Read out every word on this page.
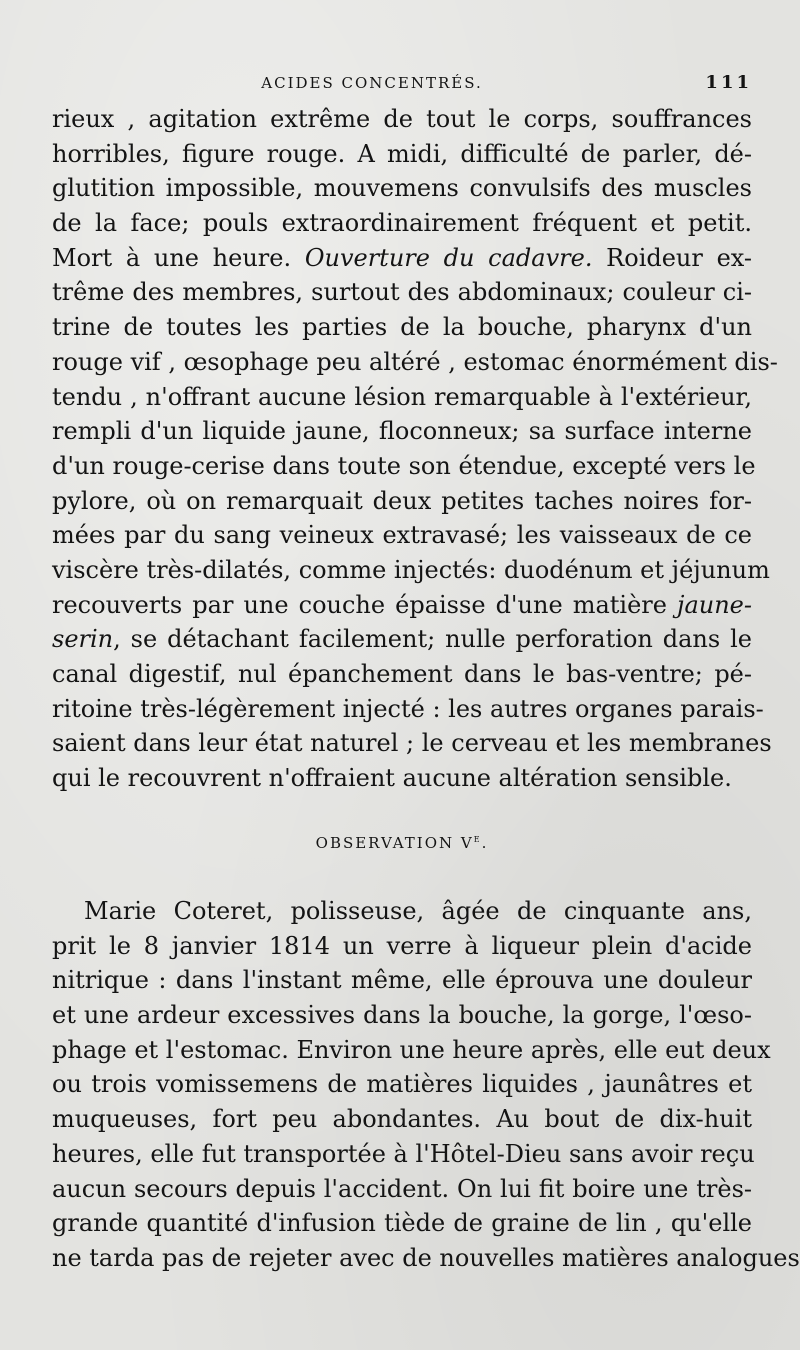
ACIDES CONCENTRÉS.	111
rieux , agitation extrême de tout le corps, souffrances
horribles, figure rouge. A midi, difficulté de parler, dé-
glutition impossible, mouvemens convulsifs des muscles
de la face; pouls extraordinairement fréquent et petit.
Mort à une heure. Ouverture du cadavre. Roideur ex-
trême des membres, surtout des abdominaux; couleur ci-
trine de toutes les parties de la bouche, pharynx d'un
rouge vif , œsophage peu altéré , estomac énormément dis-
tendu , n'offrant aucune lésion remarquable à l'extérieur,
rempli d'un liquide jaune, floconneux; sa surface interne
d'un rouge-cerise dans toute son étendue, excepté vers le
pylore, où on remarquait deux petites taches noires for-
mées par du sang veineux extravasé; les vaisseaux de ce
viscère très-dilatés, comme injectés: duodénum et jéjunum
recouverts par une couche épaisse d'une matière jaune-
serin, se détachant facilement; nulle perforation dans le
canal digestif, nul épanchement dans le bas-ventre; pé-
ritoine très-légèrement injecté : les autres organes parais-
saient dans leur état naturel ; le cerveau et les membranes
qui le recouvrent n'offraient aucune altération sensible.
OBSERVATION Ve.
Marie Coteret, polisseuse, âgée de cinquante ans,
prit le 8 janvier 1814 un verre à liqueur plein d'acide
nitrique : dans l'instant même, elle éprouva une douleur
et une ardeur excessives dans la bouche, la gorge, l'œso-
phage et l'estomac. Environ une heure après, elle eut deux
ou trois vomissemens de matières liquides , jaunâtres et
muqueuses, fort peu abondantes. Au bout de dix-huit
heures, elle fut transportée à l'Hôtel-Dieu sans avoir reçu
aucun secours depuis l'accident. On lui fit boire une très-
grande quantité d'infusion tiède de graine de lin , qu'elle
ne tarda pas de rejeter avec de nouvelles matières analogues
